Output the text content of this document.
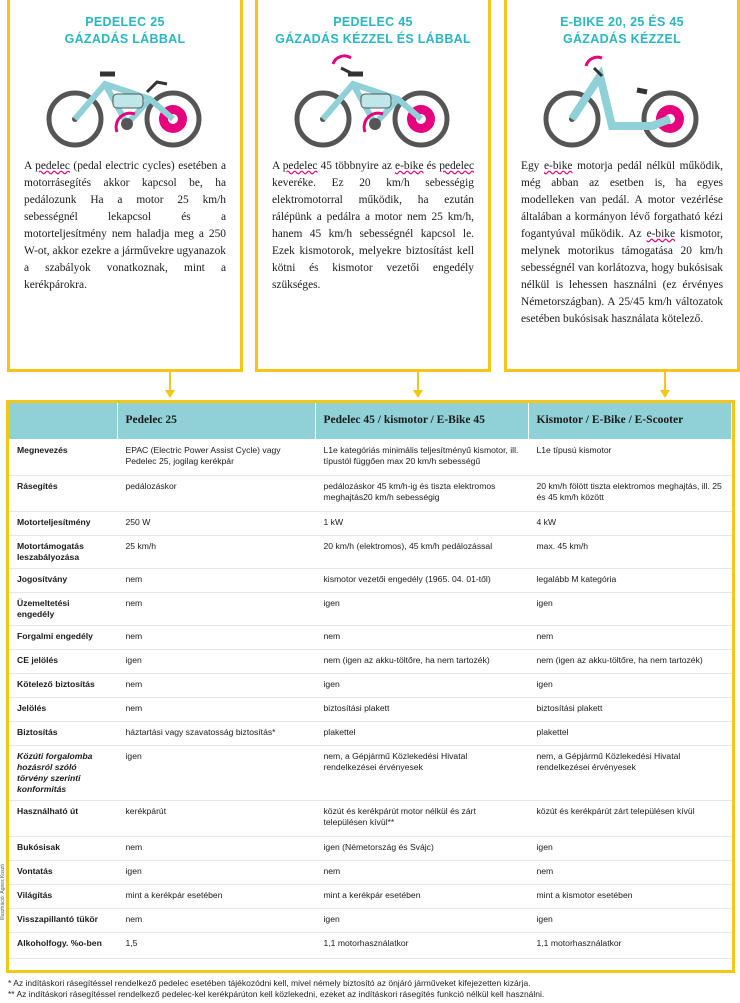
PEDELEC 25
GÁZADÁS LÁBBAL
A pedelec (pedal electric cycles) esetében a motorrásegítés akkor kapcsol be, ha pedálozunk Ha a motor 25 km/h sebességnél lekapcsol és a motorteljesítmény nem haladja meg a 250 W-ot, akkor ezekre a járművekre ugyanazok a szabályok vonatkoznak, mint a kerékpárokra.
PEDELEC 45
GÁZADÁS KÉZZEL ÉS LÁBBAL
A pedelec 45 többnyire az e-bike és pedelec keveréke. Ez 20 km/h sebességig elektromotorral működik, ha ezután rálépünk a pedálra a motor nem 25 km/h, hanem 45 km/h sebességnél kapcsol le. Ezek kismotorok, melyekre biztosítást kell kötni és kismotor vezetői engedély szükséges.
E-BIKE 20, 25 ÉS 45
GÁZADÁS KÉZZEL
Egy e-bike motorja pedál nélkül működik, még abban az esetben is, ha egyes modelleken van pedál. A motor vezérlése általában a kormányon lévő forgatható kézi fogantyúval működik. Az e-bike kismotor, melynek motorikus támogatása 20 km/h sebességnél van korlátozva, hogy bukósisak nélkül is lehessen használni (ez érvényes Németországban). A 25/45 km/h változatok esetében bukósisak használata kötelező.
	Pedelec 25	Pedelec 45 / kismotor / E-Bike 45	Kismotor / E-Bike / E-Scooter
Megnevezés	EPAC (Electric Power Assist Cycle) vagy Pedelec 25, jogilag kerékpár	L1e kategóriás minimális teljesítményű kismotor, ill. típustól függően max 20 km/h sebességű	L1e típusú kismotor
Rásegítés	pedálozáskor	pedálozáskor 45 km/h-ig és tiszta elektromos meghajtás20 km/h sebességig	20 km/h fölött tiszta elektromos meghajtás, ill. 25 és 45 km/h között
Motorteljesítmény	250 W	1 kW	4 kW
Motortámogatás leszabályozása	25 km/h	20 km/h (elektromos), 45 km/h pedálozással	max. 45 km/h
Jogosítvány	nem	kismotor vezetői engedély (1965. 04. 01-től)	legalább M kategória
Üzemeltetési engedély	nem	igen	igen
Forgalmi engedély	nem	nem	nem
CE jelölés	igen	nem (igen az akku-töltőre, ha nem tartozék)	nem (igen az akku-töltőre, ha nem tartozék)
Kötelező biztosítás	nem	igen	igen
Jelölés	nem	biztosítási plakett	biztosítási plakett
Biztosítás	háztartási vagy szavatosság biztosítás*	plakettel	plakettel
Közúti forgalomba hozásról szóló törvény szerinti konformitás	igen	nem, a Gépjármű Közlekedési Hivatal rendelkezései érvényesek	nem, a Gépjármű Közlekedési Hivatal rendelkezései érvényesek
Használható út	kerékpárút	közút és kerékpárút motor nélkül és zárt településen kívül**	közút és kerékpárút zárt településen kívül
Bukósisak	nem	igen (Németország és Svájc)	igen
Vontatás	igen	nem	nem
Világítás	mint a kerékpár esetében	mint a kerékpár esetében	mint a kismotor esetében
Visszapillantó tükör	nem	igen	igen
Alkoholfogy. %o-ben	1,5	1,1 motorhasználatkor	1,1 motorhasználatkor
Illusztráció: Ágnes Koszó
* Az indításkori rásegítéssel rendelkező pedelec esetében tájékozódni kell, mivel némely biztosító az önjáró járműveket kifejezetten kizárja.
** Az indításkori rásegítéssel rendelkező pedelec-kel kerékpárúton kell közlekedni, ezeket az indításkori rásegítés funkció nélkül kell használni.
